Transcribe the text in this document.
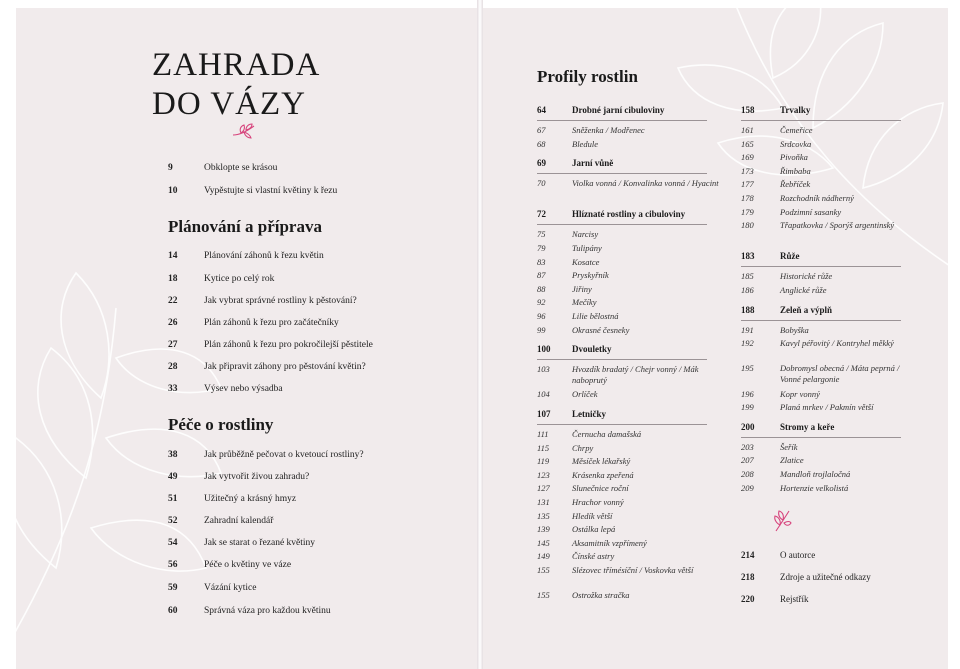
ZAHRADA
DO VÁZY
9	Obklopte se krásou
10	Vypěstujte si vlastní květiny k řezu
Plánování a příprava
14	Plánování záhonů k řezu květin
18	Kytice po celý rok
22	Jak vybrat správné rostliny k pěstování?
26	Plán záhonů k řezu pro začátečníky
27	Plán záhonů k řezu pro pokročilejší pěstitele
28	Jak připravit záhony pro pěstování květin?
33	Výsev nebo výsadba
Péče o rostliny
38	Jak průběžně pečovat o kvetoucí rostliny?
49	Jak vytvořit živou zahradu?
51	Užitečný a krásný hmyz
52	Zahradní kalendář
54	Jak se starat o řezané květiny
56	Péče o květiny ve váze
59	Vázání kytice
60	Správná váza pro každou květinu
Profily rostlin
64	Drobné jarní cibuloviny
67	Sněženka / Modřenec
68	Bledule
69	Jarní vůně
70	Violka vonná / Konvalinka vonná / Hyacint
72	Hlíznaté rostliny a cibuloviny
75	Narcisy
79	Tulipány
83	Kosatce
87	Pryskyřník
88	Jiřiny
92	Mečíky
96	Lilie bělostná
99	Okrasné česneky
100 Dvouletky
103	Hvozdík bradatý / Chejr vonný / Mák naboprutý
104	Orlíček
107 Letničky
111	Černucha damašská
115	Chrpy
119	Měsíček lékařský
123	Krásenka zpeřená
127	Slunečnice roční
131	Hrachor vonný
135	Hledík větší
139	Ostálka lepá
145	Aksamitník vzpřímený
149	Čínské astry
155	Slézovec třímésíční / Voskovka větší
155	Ostrožka stračka
158	Trvalky
161	Čemeřice
165	Srdcovka
169	Pivoňka
173	Řimbaba
177	Řebříček
178	Rozchodník nádherný
179	Podzimní sasanky
180	Třapatkovka / Sporýš argentinský
183	Růže
185	Historické růže
186	Anglické růže
188	Zeleň a výplň
191	Bobyška
192	Kavyl péřovitý / Kontryhel měkký
195	Dobromysl obecná / Máta peprná / Vonné pelargonie
196	Kopr vonný
199	Planá mrkev / Pakmín větší
200	Stromy a keře
203	Šeřík
207	Zlatice
208	Mandloň trojlaločná
209	Hortenzie velkolistá
214	O autorce
218	Zdroje a užitečné odkazy
220	Rejstřík
